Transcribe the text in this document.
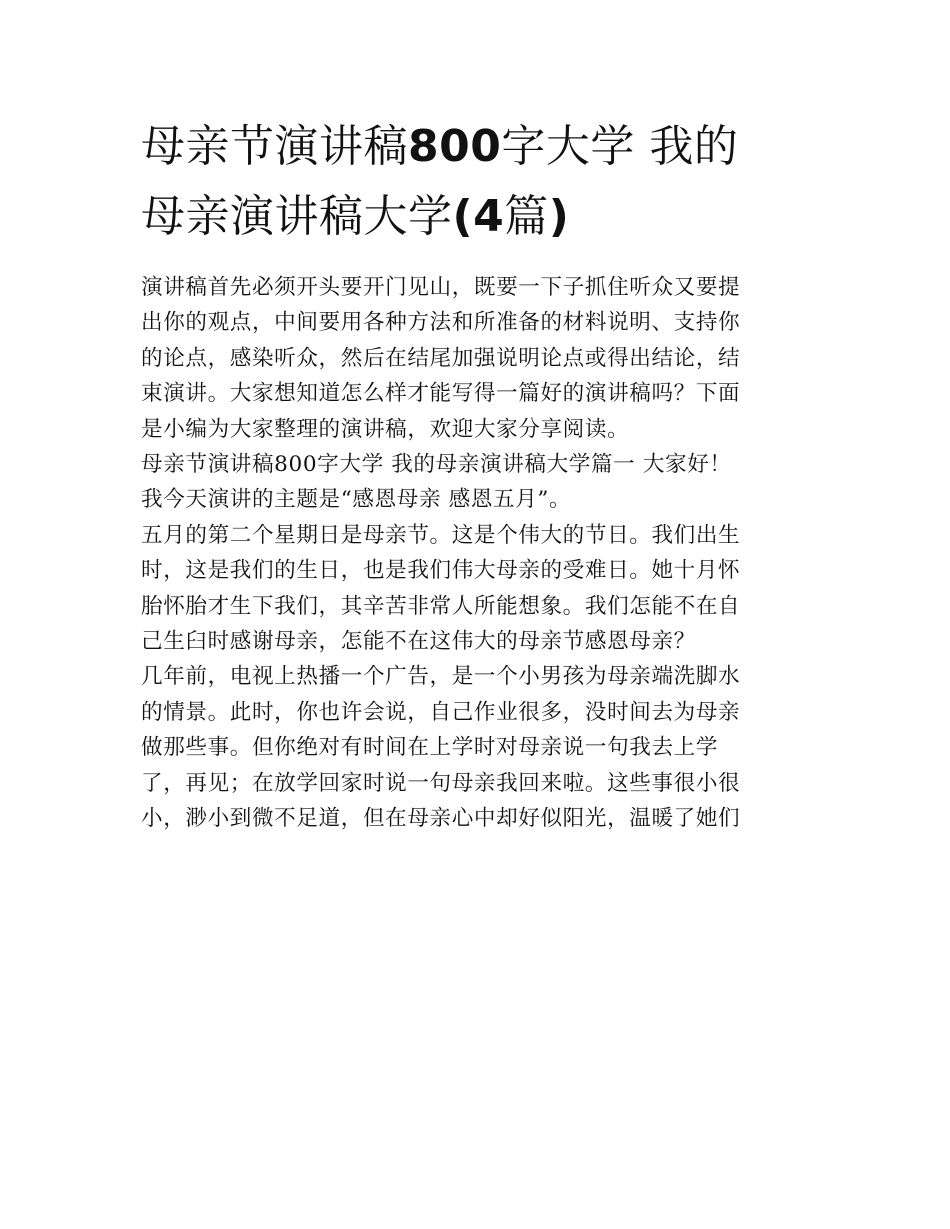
母亲节演讲稿800字大学 我的
母亲演讲稿大学(4篇)

演讲稿首先必须开头要开门见山，既要一下子抓住听众又要提
出你的观点，中间要用各种方法和所准备的材料说明、支持你
的论点，感染听众，然后在结尾加强说明论点或得出结论，结
束演讲。大家想知道怎么样才能写得一篇好的演讲稿吗？下面
是小编为大家整理的演讲稿，欢迎大家分享阅读。

母亲节演讲稿800字大学 我的母亲演讲稿大学篇一 大家好！

我今天演讲的主题是“感恩母亲 感恩五月”。

五月的第二个星期日是母亲节。这是个伟大的节日。我们出生
时，这是我们的生日，也是我们伟大母亲的受难日。她十月怀
胎怀胎才生下我们，其辛苦非常人所能想象。我们怎能不在自
己生臼时感谢母亲，怎能不在这伟大的母亲节感恩母亲？

几年前，电视上热播一个广告，是一个小男孩为母亲端洗脚水
的情景。此时，你也许会说，自己作业很多，没时间去为母亲
做那些事。但你绝对有时间在上学时对母亲说一句我去上学
了，再见；在放学回家时说一句母亲我回来啦。这些事很小很
小，渺小到微不足道，但在母亲心中却好似阳光，温暖了她们
